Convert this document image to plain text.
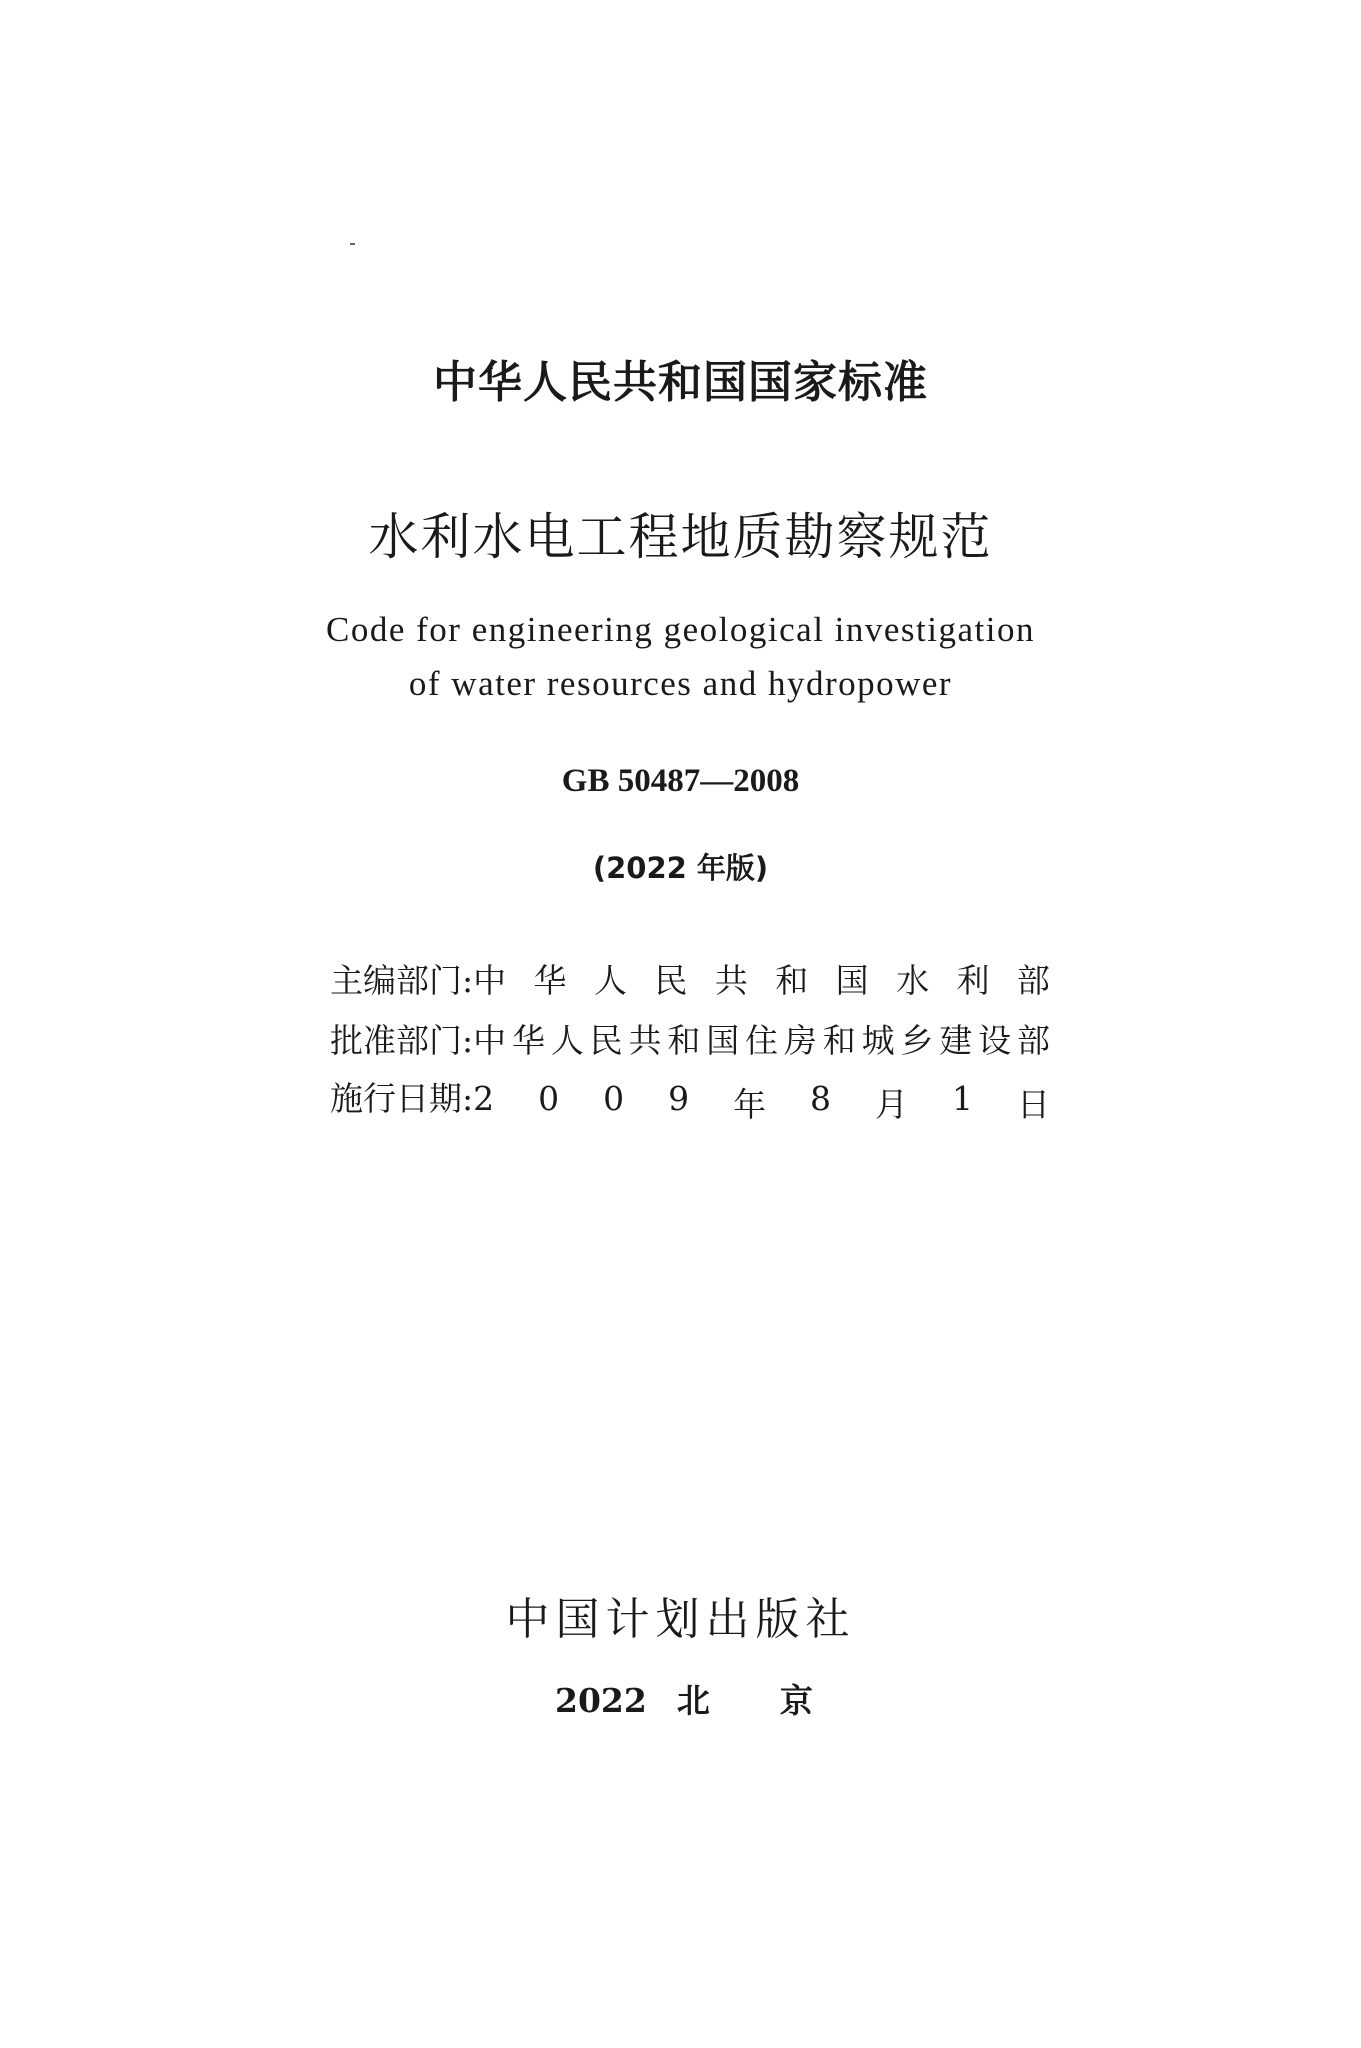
中华人民共和国国家标准
水利水电工程地质勘察规范
Code for engineering geological investigation
of water resources and hydropower
GB 50487—2008
(2022 年版)
主编部门: 中 华 人 民 共 和 国 水 利 部
批准部门: 中 华 人 民 共 和 国 住 房 和 城 乡 建 设 部
施行日期: 2 0 0 9 年 8 月 1 日
中国计划出版社
2022 北 京
